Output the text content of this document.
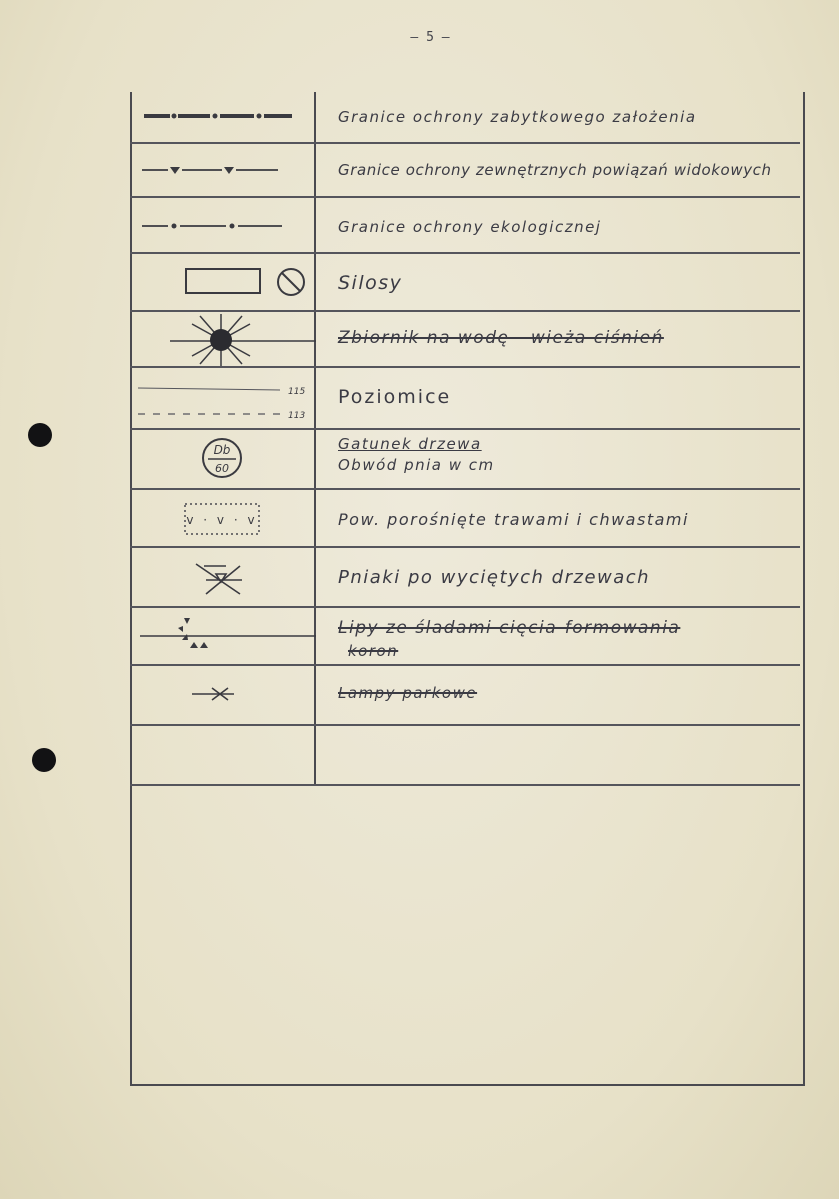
– 5 –
Granice ochrony zabytkowego założenia
Granice ochrony zewnętrznych powiązań widokowych
Granice ochrony ekologicznej
Silosy
Zbiornik na wodę - wieża ciśnień
115
113
Poziomice
Db
60
Gatunek drzewa
Obwód pnia w cm
v · v · v	Pow. porośnięte trawami i chwastami
Pniaki po wyciętych drzewach
Lipy ze śladami cięcia-formowania
koron
Lampy parkowe
